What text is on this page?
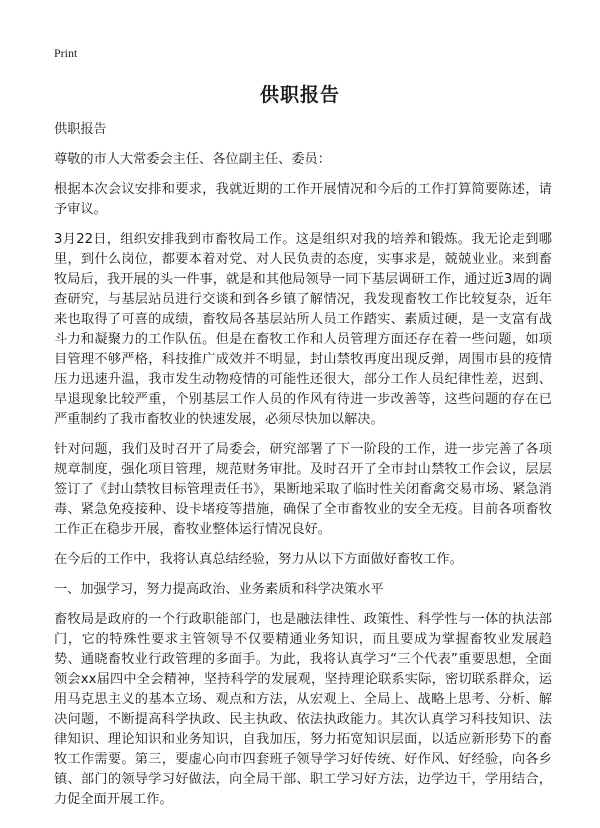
Print
供职报告

供职报告

尊敬的市人大常委会主任、各位副主任、委员：

根据本次会议安排和要求，我就近期的工作开展情况和今后的工作打算简要陈述，请予审议。

3月22日，组织安排我到市畜牧局工作。这是组织对我的培养和锻炼。我无论走到哪里，到什么岗位，都要本着对党、对人民负责的态度，实事求是，兢兢业业。来到畜牧局后，我开展的头一件事，就是和其他局领导一同下基层调研工作，通过近3周的调查研究，与基层站员进行交谈和到各乡镇了解情况，我发现畜牧工作比较复杂，近年来也取得了可喜的成绩，畜牧局各基层站所人员工作踏实、素质过硬，是一支富有战斗力和凝聚力的工作队伍。但是在畜牧工作和人员管理方面还存在着一些问题，如项目管理不够严格，科技推广成效并不明显，封山禁牧再度出现反弹，周围市县的疫情压力迅速升温，我市发生动物疫情的可能性还很大，部分工作人员纪律性差，迟到、早退现象比较严重，个别基层工作人员的作风有待进一步改善等，这些问题的存在已严重制约了我市畜牧业的快速发展，必须尽快加以解决。

针对问题，我们及时召开了局委会，研究部署了下一阶段的工作，进一步完善了各项规章制度，强化项目管理，规范财务审批。及时召开了全市封山禁牧工作会议，层层签订了《封山禁牧目标管理责任书》，果断地采取了临时性关闭畜禽交易市场、紧急消毒、紧急免疫接种、设卡堵疫等措施，确保了全市畜牧业的安全无疫。目前各项畜牧工作正在稳步开展，畜牧业整体运行情况良好。

在今后的工作中，我将认真总结经验，努力从以下方面做好畜牧工作。

一、加强学习，努力提高政治、业务素质和科学决策水平

畜牧局是政府的一个行政职能部门，也是融法律性、政策性、科学性与一体的执法部门，它的特殊性要求主管领导不仅要精通业务知识，而且要成为掌握畜牧业发展趋势、通晓畜牧业行政管理的多面手。为此，我将认真学习“三个代表”重要思想，全面领会xx届四中全会精神，坚持科学的发展观，坚持理论联系实际，密切联系群众，运用马克思主义的基本立场、观点和方法，从宏观上、全局上、战略上思考、分析、解决问题，不断提高科学执政、民主执政、依法执政能力。其次认真学习科技知识、法律知识、理论知识和业务知识，自我加压，努力拓宽知识层面，以适应新形势下的畜牧工作需要。第三，要虚心向市四套班子领导学习好传统、好作风、好经验，向各乡镇、部门的领导学习好做法，向全局干部、职工学习好方法，边学边干，学用结合，力促全面开展工作。
